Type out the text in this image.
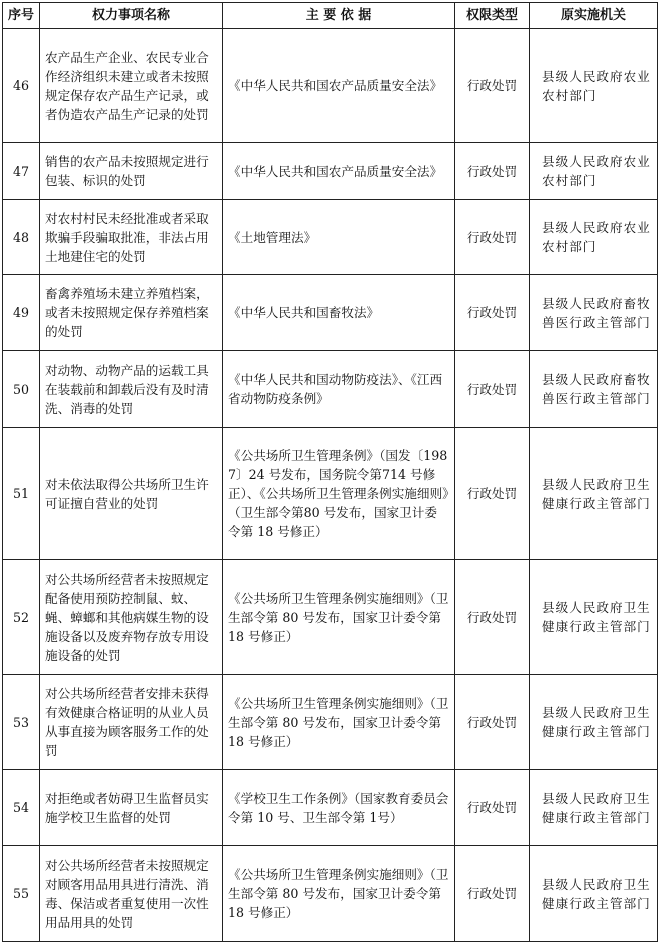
序号	权力事项名称	主 要 依 据	权限类型	原实施机关
46	农产品生产企业、农民专业合作经济组织未建立或者未按照规定保存农产品生产记录，或者伪造农产品生产记录的处罚	《中华人民共和国农产品质量安全法》	行政处罚	县级人民政府农业农村部门
47	销售的农产品未按照规定进行包装、标识的处罚	《中华人民共和国农产品质量安全法》	行政处罚	县级人民政府农业农村部门
48	对农村村民未经批准或者采取欺骗手段骗取批准，非法占用土地建住宅的处罚	《土地管理法》	行政处罚	县级人民政府农业农村部门
49	畜禽养殖场未建立养殖档案，或者未按照规定保存养殖档案的处罚	《中华人民共和国畜牧法》	行政处罚	县级人民政府畜牧兽医行政主管部门
50	对动物、动物产品的运载工具在装载前和卸载后没有及时清洗、消毒的处罚	《中华人民共和国动物防疫法》、《江西省动物防疫条例》	行政处罚	县级人民政府畜牧兽医行政主管部门
51	对未依法取得公共场所卫生许可证擅自营业的处罚	《公共场所卫生管理条例》（国发〔1987〕24 号发布，国务院令第714 号修正）、《公共场所卫生管理条例实施细则》（卫生部令第80 号发布，国家卫计委令第 18 号修正）	行政处罚	县级人民政府卫生健康行政主管部门
52	对公共场所经营者未按照规定配备使用预防控制鼠、蚊、蝇、蟑螂和其他病媒生物的设施设备以及废弃物存放专用设施设备的处罚	《公共场所卫生管理条例实施细则》（卫生部令第 80 号发布，国家卫计委令第 18 号修正）	行政处罚	县级人民政府卫生健康行政主管部门
53	对公共场所经营者安排未获得有效健康合格证明的从业人员从事直接为顾客服务工作的处罚	《公共场所卫生管理条例实施细则》（卫生部令第 80 号发布，国家卫计委令第 18 号修正）	行政处罚	县级人民政府卫生健康行政主管部门
54	对拒绝或者妨碍卫生监督员实施学校卫生监督的处罚	《学校卫生工作条例》（国家教育委员会令第 10 号、卫生部令第 1号）	行政处罚	县级人民政府卫生健康行政主管部门
55	对公共场所经营者未按照规定对顾客用品用具进行清洗、消毒、保洁或者重复使用一次性用品用具的处罚	《公共场所卫生管理条例实施细则》（卫生部令第 80 号发布，国家卫计委令第 18 号修正）	行政处罚	县级人民政府卫生健康行政主管部门
